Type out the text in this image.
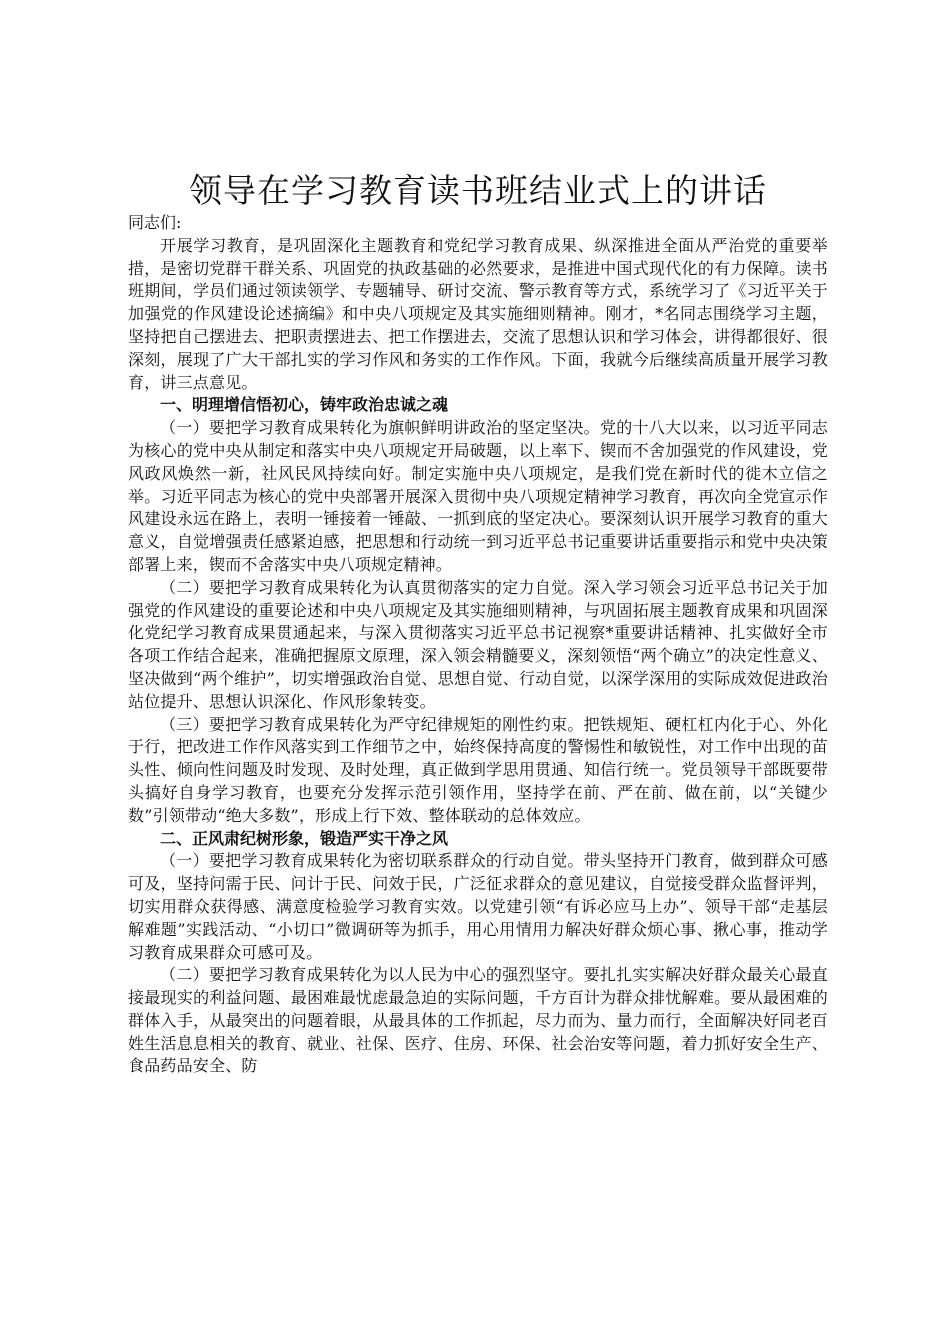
领导在学习教育读书班结业式上的讲话

同志们:

开展学习教育，是巩固深化主题教育和党纪学习教育成果、纵深推进全面从严治党的重要举措，是密切党群干群关系、巩固党的执政基础的必然要求，是推进中国式现代化的有力保障。读书班期间，学员们通过领读领学、专题辅导、研讨交流、警示教育等方式，系统学习了《习近平关于加强党的作风建设论述摘编》和中央八项规定及其实施细则精神。刚才，*名同志围绕学习主题，坚持把自己摆进去、把职责摆进去、把工作摆进去，交流了思想认识和学习体会，讲得都很好、很深刻，展现了广大干部扎实的学习作风和务实的工作作风。下面，我就今后继续高质量开展学习教育，讲三点意见。

一、明理增信悟初心，铸牢政治忠诚之魂

（一）要把学习教育成果转化为旗帜鲜明讲政治的坚定坚决。党的十八大以来，以习近平同志为核心的党中央从制定和落实中央八项规定开局破题，以上率下、锲而不舍加强党的作风建设，党风政风焕然一新，社风民风持续向好。制定实施中央八项规定，是我们党在新时代的徙木立信之举。习近平同志为核心的党中央部署开展深入贯彻中央八项规定精神学习教育，再次向全党宣示作风建设永远在路上，表明一锤接着一锤敲、一抓到底的坚定决心。要深刻认识开展学习教育的重大意义，自觉增强责任感紧迫感，把思想和行动统一到习近平总书记重要讲话重要指示和党中央决策部署上来，锲而不舍落实中央八项规定精神。

（二）要把学习教育成果转化为认真贯彻落实的定力自觉。深入学习领会习近平总书记关于加强党的作风建设的重要论述和中央八项规定及其实施细则精神，与巩固拓展主题教育成果和巩固深化党纪学习教育成果贯通起来，与深入贯彻落实习近平总书记视察*重要讲话精神、扎实做好全市各项工作结合起来，准确把握原文原理，深入领会精髓要义，深刻领悟“两个确立”的决定性意义、坚决做到“两个维护”，切实增强政治自觉、思想自觉、行动自觉，以深学深用的实际成效促进政治站位提升、思想认识深化、作风形象转变。

（三）要把学习教育成果转化为严守纪律规矩的刚性约束。把铁规矩、硬杠杠内化于心、外化于行，把改进工作作风落实到工作细节之中，始终保持高度的警惕性和敏锐性，对工作中出现的苗头性、倾向性问题及时发现、及时处理，真正做到学思用贯通、知信行统一。党员领导干部既要带头搞好自身学习教育，也要充分发挥示范引领作用，坚持学在前、严在前、做在前，以“关键少数”引领带动“绝大多数”，形成上行下效、整体联动的总体效应。

二、正风肃纪树形象，锻造严实干净之风

（一）要把学习教育成果转化为密切联系群众的行动自觉。带头坚持开门教育，做到群众可感可及，坚持问需于民、问计于民、问效于民，广泛征求群众的意见建议，自觉接受群众监督评判，切实用群众获得感、满意度检验学习教育实效。以党建引领“有诉必应马上办”、领导干部“走基层解难题”实践活动、“小切口”微调研等为抓手，用心用情用力解决好群众烦心事、揪心事，推动学习教育成果群众可感可及。

（二）要把学习教育成果转化为以人民为中心的强烈坚守。要扎扎实实解决好群众最关心最直接最现实的利益问题、最困难最忧虑最急迫的实际问题，千方百计为群众排忧解难。要从最困难的群体入手，从最突出的问题着眼，从最具体的工作抓起，尽力而为、量力而行，全面解决好同老百姓生活息息相关的教育、就业、社保、医疗、住房、环保、社会治安等问题，着力抓好安全生产、食品药品安全、防
